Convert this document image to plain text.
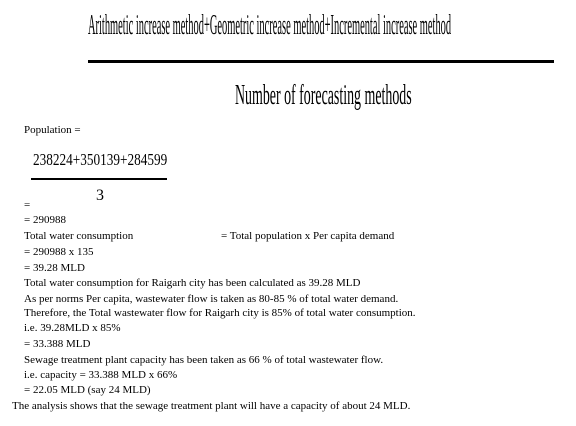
Arithmetic increase method+Geometric increase method+Incremental increase method
Number of forecasting methods
Population =
238224+350139+284599
3
=
= 290988
Total water consumption	= Total population x Per capita demand
= 290988 x 135
= 39.28 MLD
Total water consumption for Raigarh city has been calculated as 39.28 MLD
As per norms Per capita, wastewater flow is taken as 80-85 % of total water demand.
Therefore, the Total wastewater flow for Raigarh city is 85% of total water consumption.
i.e. 39.28MLD x 85%
= 33.388 MLD
Sewage treatment plant capacity has been taken as 66 % of total wastewater flow.
i.e. capacity = 33.388 MLD x 66%
= 22.05 MLD (say 24 MLD)
The analysis shows that the sewage treatment plant will have a capacity of about 24 MLD.
